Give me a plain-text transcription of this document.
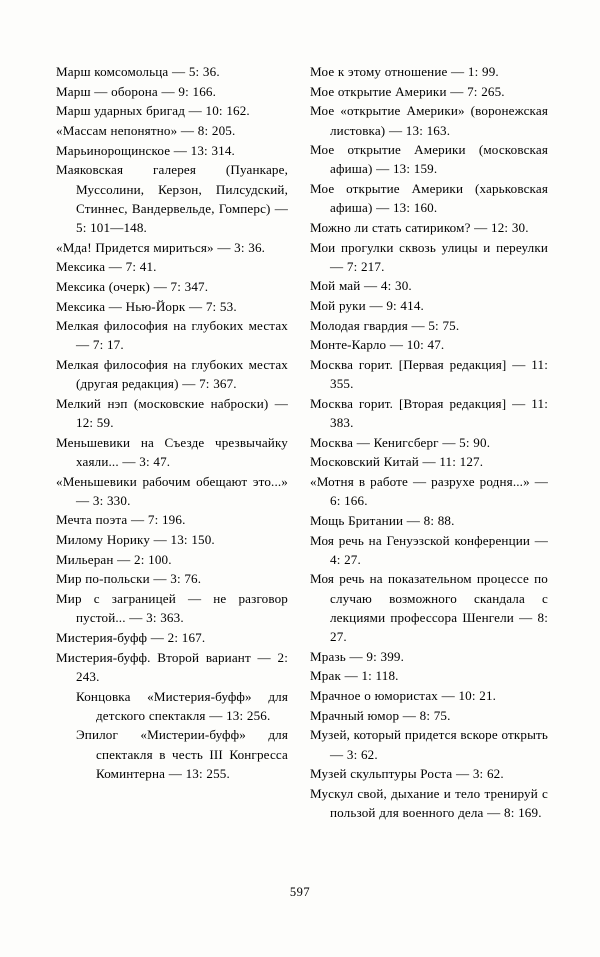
Марш комсомольца — 5: 36.
Марш — оборона — 9: 166.
Марш ударных бригад — 10: 162.
«Массам непонятно» — 8: 205.
Марьинорощинское — 13: 314.
Маяковская галерея (Пуанкаре, Муссолини, Керзон, Пилсудский, Стиннес, Вандервельде, Гомперс) — 5: 101—148.
«Мда! Придется мириться» — 3: 36.
Мексика — 7: 41.
Мексика (очерк) — 7: 347.
Мексика — Нью-Йорк — 7: 53.
Мелкая философия на глубоких местах — 7: 17.
Мелкая философия на глубоких местах (другая редакция) — 7: 367.
Мелкий нэп (московские наброски) — 12: 59.
Меньшевики на Съезде чрезвычайку хаяли... — 3: 47.
«Меньшевики рабочим обещают это...» — 3: 330.
Мечта поэта — 7: 196.
Милому Норику — 13: 150.
Мильеран — 2: 100.
Мир по-польски — 3: 76.
Мир с заграницей — не разговор пустой... — 3: 363.
Мистерия-буфф — 2: 167.
Мистерия-буфф. Второй вариант — 2: 243.
Концовка «Мистерия-буфф» для детского спектакля — 13: 256.
Эпилог «Мистерии-буфф» для спектакля в честь III Конгресса Коминтерна — 13: 255.
Мое к этому отношение — 1: 99.
Мое открытие Америки — 7: 265.
Мое «открытие Америки» (воронежская листовка) — 13: 163.
Мое открытие Америки (московская афиша) — 13: 159.
Мое открытие Америки (харьковская афиша) — 13: 160.
Можно ли стать сатириком? — 12: 30.
Мои прогулки сквозь улицы и переулки — 7: 217.
Мой май — 4: 30.
Мой руки — 9: 414.
Молодая гвардия — 5: 75.
Монте-Карло — 10: 47.
Москва горит. [Первая редакция] — 11: 355.
Москва горит. [Вторая редакция] — 11: 383.
Москва — Кенигсберг — 5: 90.
Московский Китай — 11: 127.
«Мотня в работе — разрухе родня...» — 6: 166.
Мощь Британии — 8: 88.
Моя речь на Генуэзской конференции — 4: 27.
Моя речь на показательном процессе по случаю возможного скандала с лекциями профессора Шенгели — 8: 27.
Мразь — 9: 399.
Мрак — 1: 118.
Мрачное о юмористах — 10: 21.
Мрачный юмор — 8: 75.
Музей, который придется вскоре открыть — 3: 62.
Музей скульптуры Роста — 3: 62.
Мускул свой, дыхание и тело тренируй с пользой для военного дела — 8: 169.
597
